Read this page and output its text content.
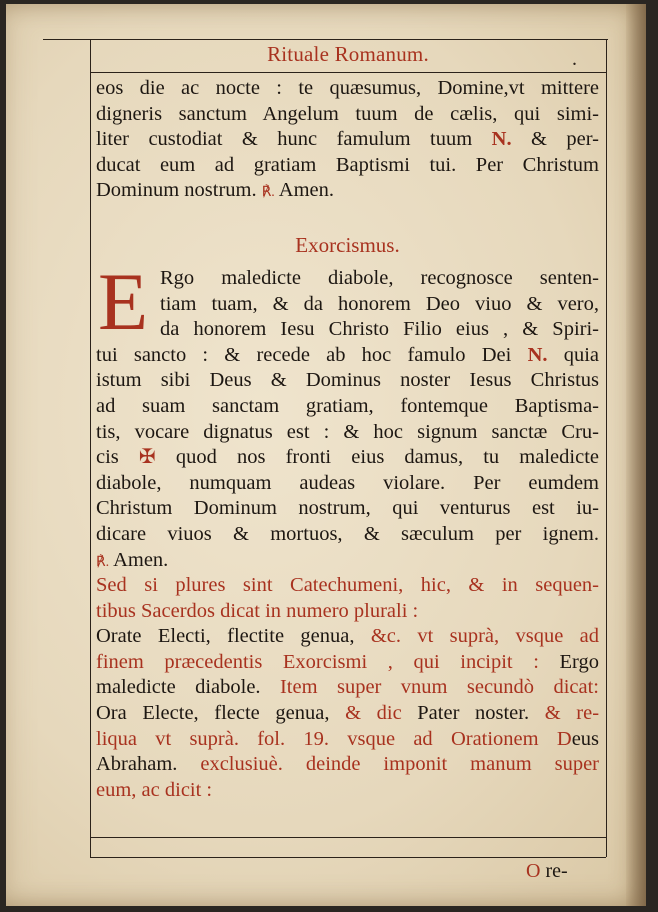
Rituale Romanum.	.
eos die ac nocte : te quæsumus, Domine,vt mittere
digneris sanctum Angelum tuum de cælis, qui simi-
liter custodiat & hunc famulum tuum N. & per-
ducat eum ad gratiam Baptismi tui. Per Christum
Dominum nostrum. ℟. Amen.
Exorcismus.
E Rgo maledicte diabole, recognosce senten-
tiam tuam, & da honorem Deo viuo & vero,
da honorem Iesu Christo Filio eius , & Spiri-
tui sancto : & recede ab hoc famulo Dei N. quia
istum sibi Deus & Dominus noster Iesus Christus
ad suam sanctam gratiam, fontemque Baptisma-
tis, vocare dignatus est : & hoc signum sanctæ Cru-
cis ✠ quod nos fronti eius damus, tu maledicte
diabole, numquam audeas violare. Per eumdem
Christum Dominum nostrum, qui venturus est iu-
dicare viuos & mortuos, & sæculum per ignem.
℟. Amen.
Sed si plures sint Catechumeni, hic, & in sequen-
tibus Sacerdos dicat in numero plurali :
Orate Electi, flectite genua, &c. vt suprà, vsque ad
finem præcedentis Exorcismi , qui incipit : Ergo
maledicte diabole. Item super vnum secundò dicat:
Ora Electe, flecte genua, & dic Pater noster. & re-
liqua vt suprà. fol. 19. vsque ad Orationem Deus
Abraham. exclusiuè. deinde imponit manum super
eum, ac dicit :
O re-
